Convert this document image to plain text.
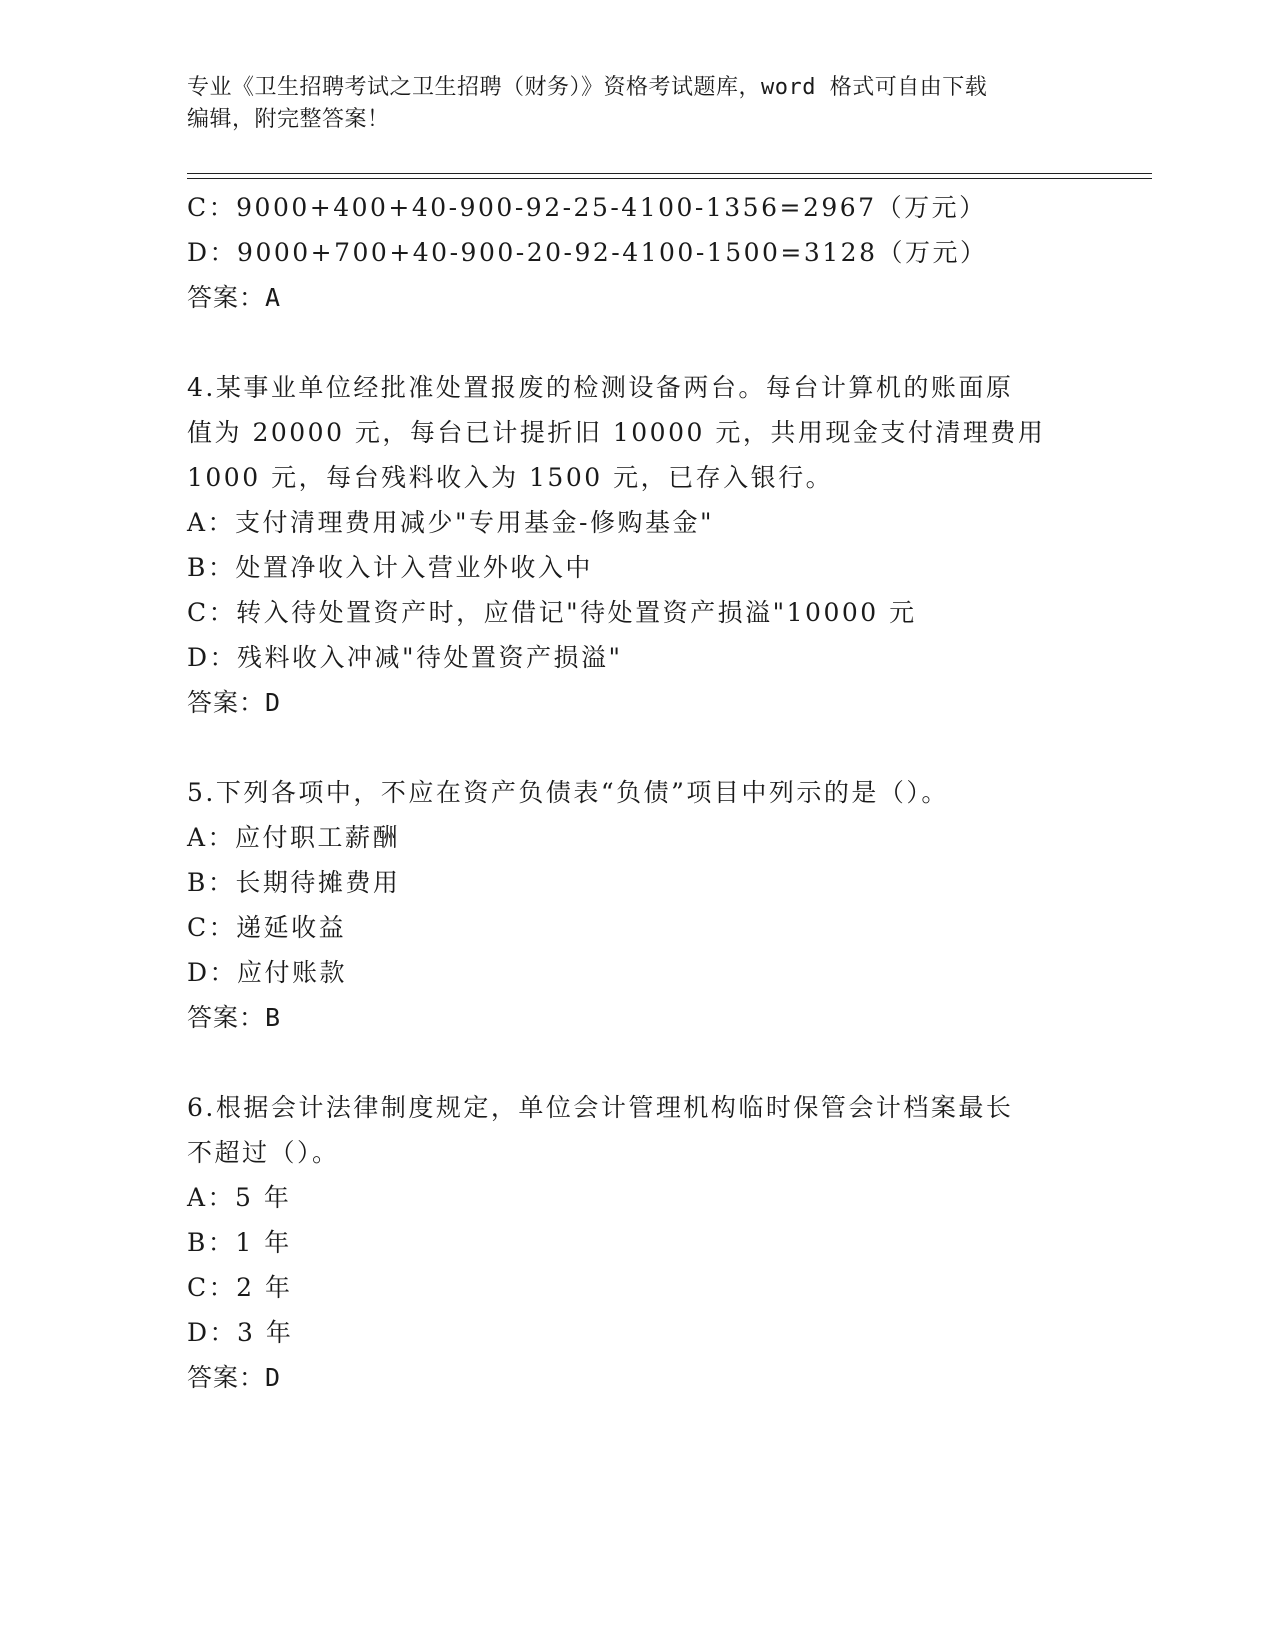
专业《卫生招聘考试之卫生招聘（财务）》资格考试题库，word 格式可自由下载
编辑，附完整答案！
C：9000+400+40-900-92-25-4100-1356=2967（万元）
D：9000+700+40-900-20-92-4100-1500=3128（万元）
答案：A
4.某事业单位经批准处置报废的检测设备两台。每台计算机的账面原
值为 20000 元，每台已计提折旧 10000 元，共用现金支付清理费用
1000 元，每台残料收入为 1500 元，已存入银行。
A：支付清理费用减少"专用基金-修购基金"
B：处置净收入计入营业外收入中
C：转入待处置资产时，应借记"待处置资产损溢"10000 元
D：残料收入冲减"待处置资产损溢"
答案：D
5.下列各项中，不应在资产负债表“负债”项目中列示的是（）。
A：应付职工薪酬
B：长期待摊费用
C：递延收益
D：应付账款
答案：B
6.根据会计法律制度规定，单位会计管理机构临时保管会计档案最长
不超过（）。
A：5 年
B：1 年
C：2 年
D：3 年
答案：D
